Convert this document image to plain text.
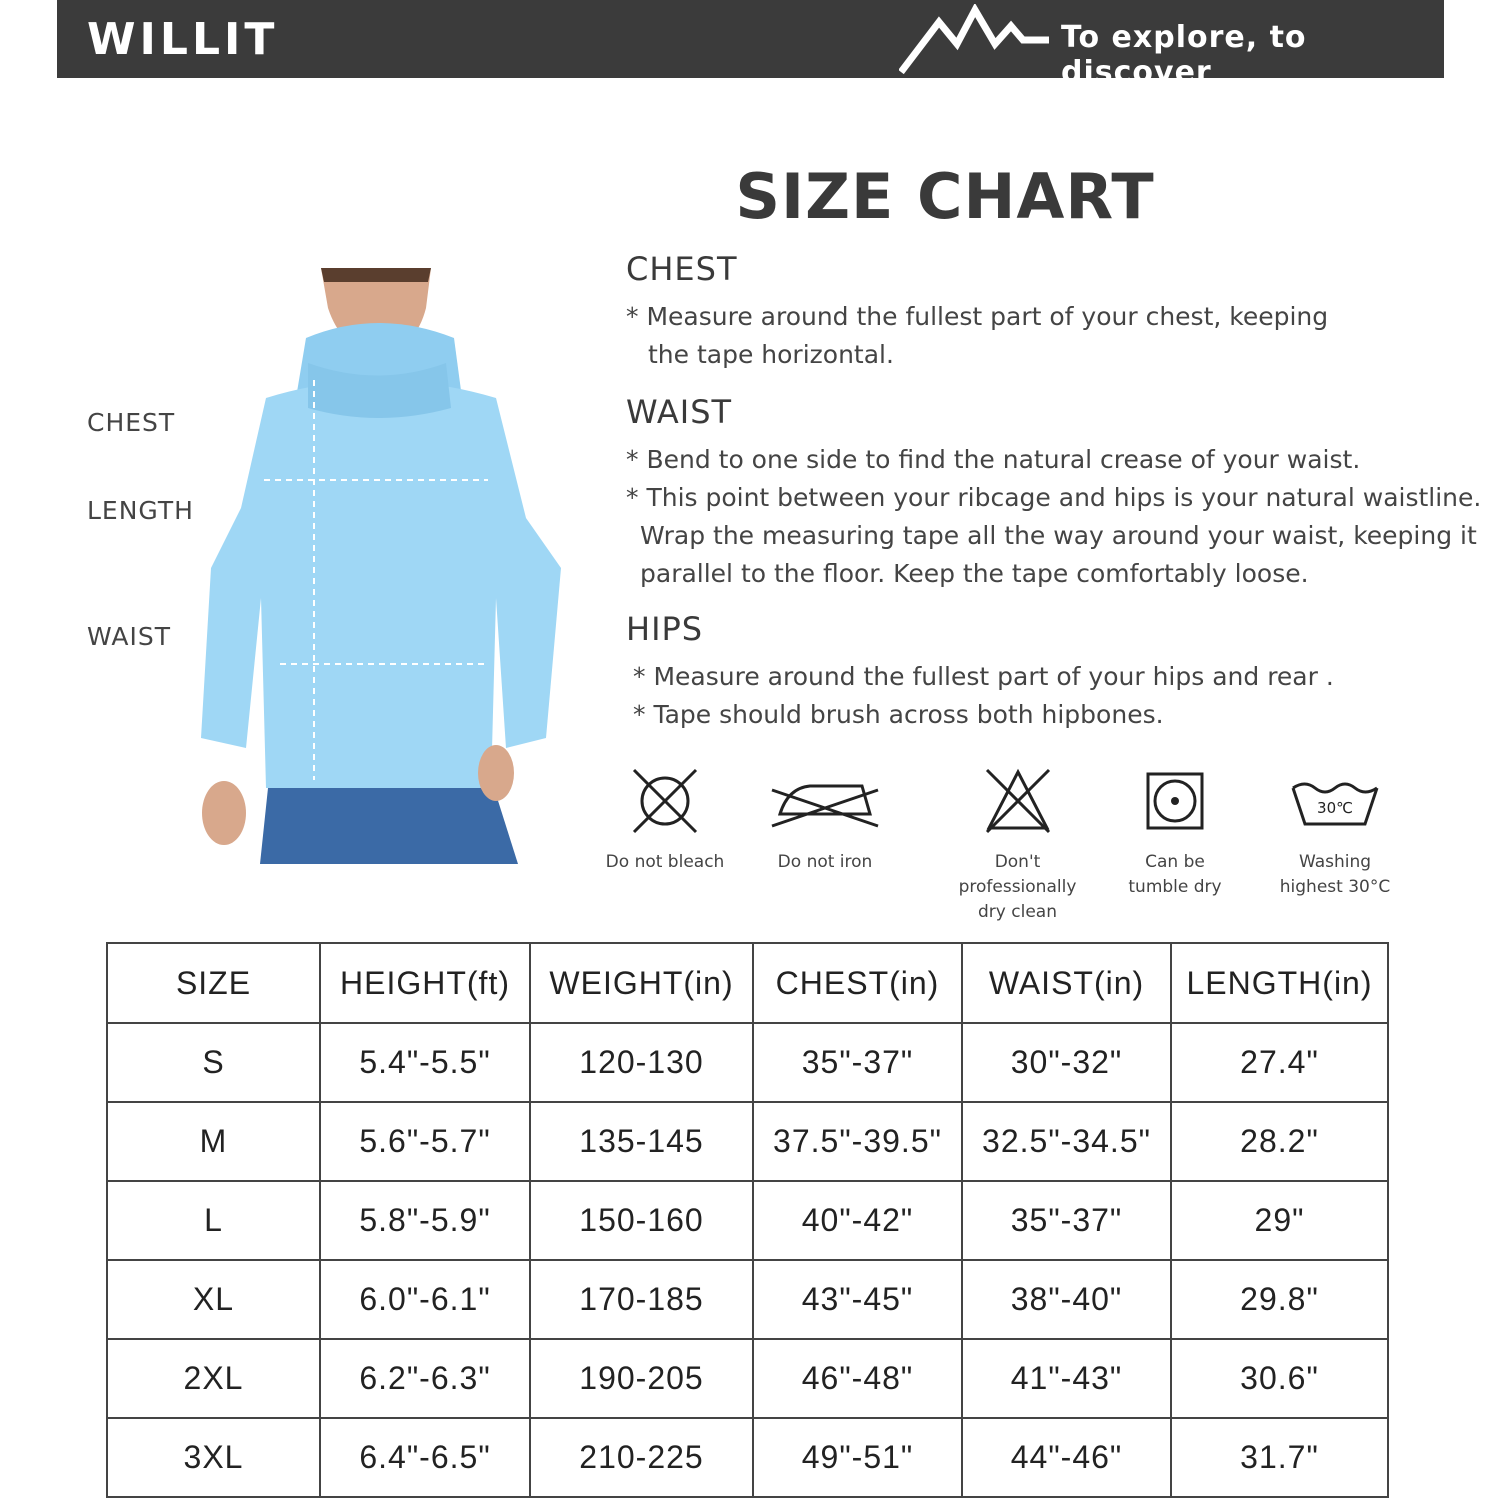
WILLIT	To explore, to discover
SIZE CHART
CHEST
LENGTH
WAIST
CHEST
* Measure around the fullest part of your chest, keeping
the tape horizontal.
WAIST
* Bend to one side to find the natural crease of your waist.
* This point between your ribcage and hips is your natural waistline.
Wrap the measuring tape all the way around your waist, keeping it
parallel to the floor. Keep the tape comfortably loose.
HIPS
* Measure around the fullest part of your hips and rear .
* Tape should brush across both hipbones.
Do not bleach	Do not iron	Don't professionally
dry clean
Can be
tumble dry
30℃
Washing
highest 30°C
SIZE	HEIGHT(ft)	WEIGHT(in)	CHEST(in)	WAIST(in)	LENGTH(in)
S	5.4"-5.5"	120-130	35"-37"	30"-32"	27.4"
M	5.6"-5.7"	135-145	37.5"-39.5"	32.5"-34.5"	28.2"
L	5.8"-5.9"	150-160	40"-42"	35"-37"	29"
XL	6.0"-6.1"	170-185	43"-45"	38"-40"	29.8"
2XL	6.2"-6.3"	190-205	46"-48"	41"-43"	30.6"
3XL	6.4"-6.5"	210-225	49"-51"	44"-46"	31.7"
